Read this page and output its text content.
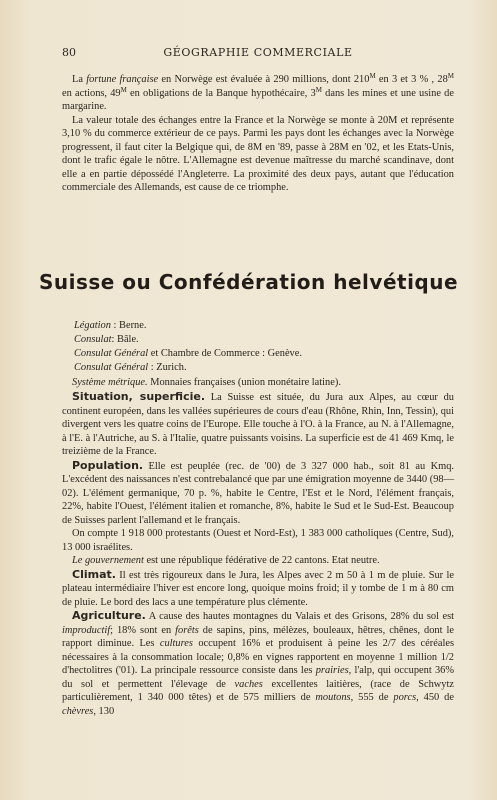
80	GÉOGRAPHIE COMMERCIALE

La fortune française en Norwège est évaluée à 290 millions, dont $210^M$ en 3 et 3 % , $28^M$ en actions, $49^M$ en obligations de la Banque hypothécaire, $3^M$ dans les mines et une usine de margarine.

La valeur totale des échanges entre la France et la Norwège se monte à 20M et représente 3,10 % du commerce extérieur de ce pays. Parmi les pays dont les échanges avec la Norwège progressent, il faut citer la Belgique qui, de 8M en '89, passe à 28M en '02, et les Etats-Unis, dont le trafic égale le nôtre. L'Allemagne est devenue maîtresse du marché scandinave, dont elle a en partie dépossédé l'Angleterre. La proximité des deux pays, autant que l'éducation commerciale des Allemands, est cause de ce triomphe.

Suisse ou Confédération helvétique

Légation : Berne.

Consulat: Bâle.

Consulat Général et Chambre de Commerce : Genève.

Consulat Général : Zurich.

Système métrique. Monnaies françaises (union monétaire latine).

Situation, superficie. La Suisse est située, du Jura aux Alpes, au cœur du continent européen, dans les vallées supérieures de cours d'eau (Rhône, Rhin, Inn, Tessin), qui divergent vers les quatre coins de l'Europe. Elle touche à l'O. à la France, au N. à l'Allemagne, à l'E. à l'Autriche, au S. à l'Italie, quatre puissants voisins. La superficie est de 41 469 Kmq, le treizième de la France.

Population. Elle est peuplée (rec. de '00) de 3 327 000 hab., soit 81 au Kmq. L'excédent des naissances n'est contrebalancé que par une émigration moyenne de 3440 (98—02). L'élément germanique, 70 p. %, habite le Centre, l'Est et le Nord, l'élément français, 22%, habite l'Ouest, l'élément italien et romanche, 8%, habite le Sud et le Sud-Est. Beaucoup de Suisses parlent l'allemand et le français.

On compte 1 918 000 protestants (Ouest et Nord-Est), 1 383 000 catholiques (Centre, Sud), 13 000 israélites.

Le gouvernement est une république fédérative de 22 cantons. Etat neutre.

Climat. Il est très rigoureux dans le Jura, les Alpes avec 2 m 50 à 1 m de pluie. Sur le plateau intermédiaire l'hiver est encore long, quoique moins froid; il y tombe de 1 m à 80 cm de pluie. Le bord des lacs a une température plus clémente.

Agriculture. A cause des hautes montagnes du Valais et des Grisons, 28% du sol est improductif; 18% sont en forêts de sapins, pins, mélèzes, bouleaux, hêtres, chênes, dont le rapport diminue. Les cultures occupent 16% et produisent à peine les 2/7 des céréales nécessaires à la consommation locale; 0,8% en vignes rapportent en moyenne 1 million 1/2 d'hectolitres ('01). La principale ressource consiste dans les prairies, l'alp, qui occupent 36% du sol et permettent l'élevage de vaches excellentes laitières, (race de Schwytz particulièrement, 1 340 000 têtes) et de 575 milliers de moutons, 555 de porcs, 450 de chèvres, 130
